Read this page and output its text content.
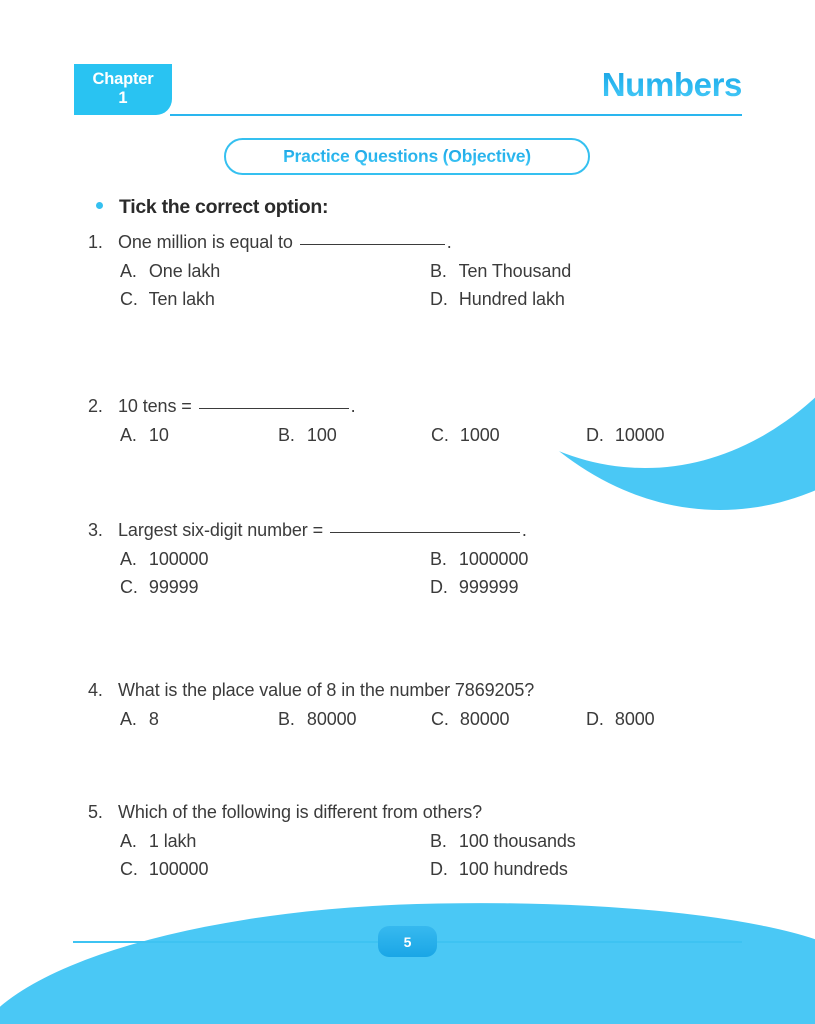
Chapter
1	Numbers
Practice Questions (Objective)
Tick the correct option:
1. One million is equal to	.
A. One lakh	B. Ten Thousand
C. Ten lakh	D. Hundred lakh
2. 10 tens =	.
A. 10	B. 100	C. 1000	D. 10000
3. Largest six-digit number =	.
A. 100000	B. 1000000
C. 99999	D. 999999
4. What is the place value of 8 in the number 7869205?
A. 8	B. 80000	C. 80000	D. 8000
5. Which of the following is different from others?
A. 1 lakh	B. 100 thousands
C. 100000	D. 100 hundreds
5
